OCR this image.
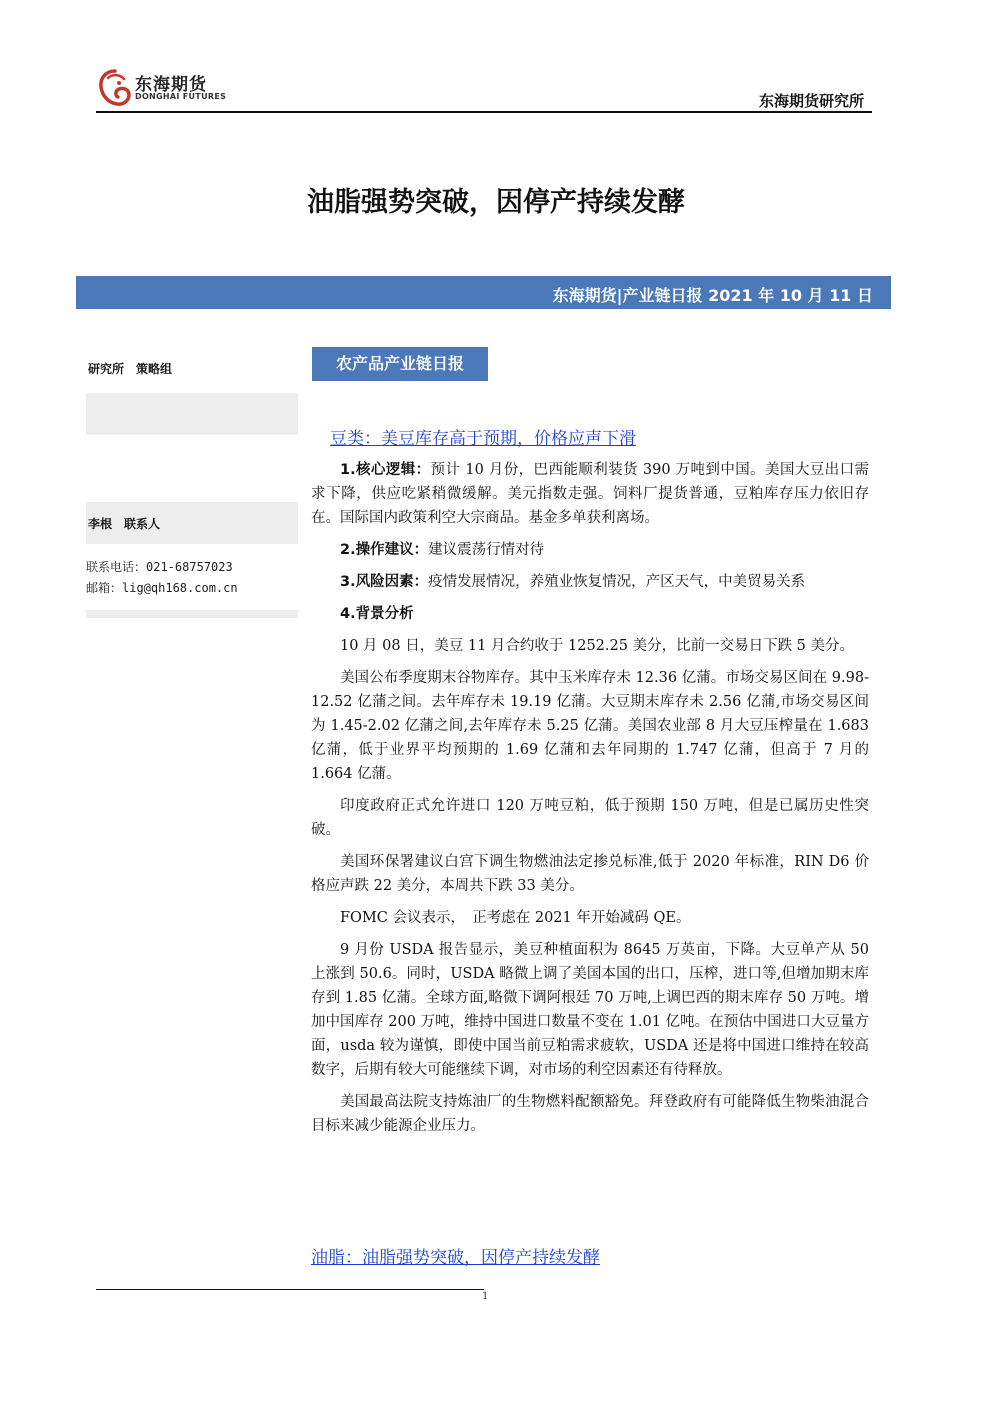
东海期货
DONGHAI FUTURES	东海期货研究所
油脂强势突破，因停产持续发酵
东海期货|产业链日报 2021 年 10 月 11 日
研究所　策略组
李根　联系人
联系电话：021-68757023
邮箱：lig@qh168.com.cn
农产品产业链日报
豆类：美豆库存高于预期，价格应声下滑

1.核心逻辑：预计 10 月份，巴西能顺利装货 390 万吨到中国。美国大豆出口需求下降，供应吃紧稍微缓解。美元指数走强。饲料厂提货普通，豆粕库存压力依旧存在。国际国内政策利空大宗商品。基金多单获利离场。

2.操作建议：建议震荡行情对待

3.风险因素：疫情发展情况，养殖业恢复情况，产区天气，中美贸易关系

4.背景分析

10 月 08 日，美豆 11 月合约收于 1252.25 美分，比前一交易日下跌 5 美分。

美国公布季度期末谷物库存。其中玉米库存未 12.36 亿蒲。市场交易区间在 9.98-12.52 亿蒲之间。去年库存未 19.19 亿蒲。大豆期末库存未 2.56 亿蒲,市场交易区间为 1.45-2.02 亿蒲之间,去年库存未 5.25 亿蒲。美国农业部 8 月大豆压榨量在 1.683 亿蒲，低于业界平均预期的 1.69 亿蒲和去年同期的 1.747 亿蒲，但高于 7 月的 1.664 亿蒲。

印度政府正式允许进口 120 万吨豆粕，低于预期 150 万吨，但是已属历史性突破。

美国环保署建议白宫下调生物燃油法定掺兑标准,低于 2020 年标准，RIN D6 价格应声跌 22 美分，本周共下跌 33 美分。

FOMC 会议表示，　正考虑在 2021 年开始减码 QE。

9 月份 USDA 报告显示，美豆种植面积为 8645 万英亩，下降。大豆单产从 50 上涨到 50.6。同时，USDA 略微上调了美国本国的出口，压榨，进口等,但增加期末库存到 1.85 亿蒲。全球方面,略微下调阿根廷 70 万吨,上调巴西的期末库存 50 万吨。增加中国库存 200 万吨，维持中国进口数量不变在 1.01 亿吨。在预估中国进口大豆量方面，usda 较为谨慎，即使中国当前豆粕需求疲软，USDA 还是将中国进口维持在较高数字，后期有较大可能继续下调，对市场的利空因素还有待释放。

美国最高法院支持炼油厂的生物燃料配额豁免。拜登政府有可能降低生物柴油混合目标来减少能源企业压力。

油脂：油脂强势突破，因停产持续发酵
1
